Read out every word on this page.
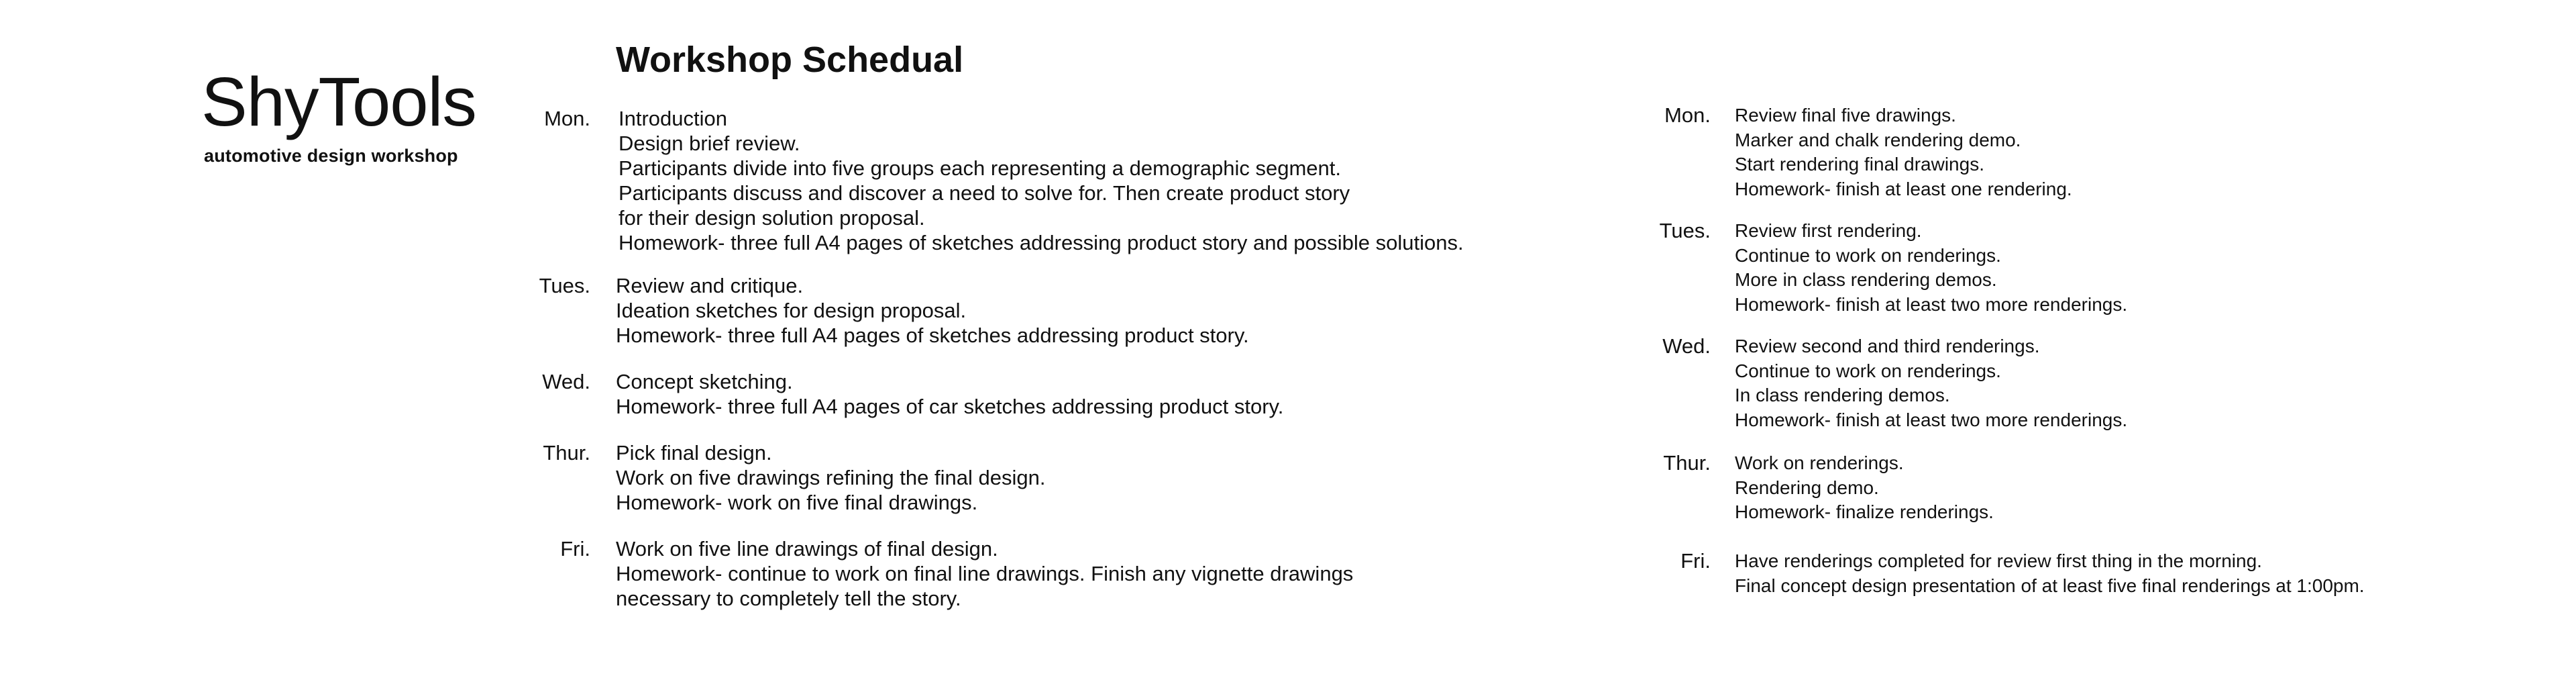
ShyTools
automotive design workshop
Workshop Schedual
Mon. Introduction
Design brief review.
Participants divide into five groups each representing a demographic segment.
Participants discuss and discover a need to solve for. Then create product story
for their design solution proposal.
Homework- three full A4 pages of sketches addressing product story and possible solutions.
Tues. Review and critique.
Ideation sketches for design proposal.
Homework- three full A4 pages of sketches addressing product story.
Wed. Concept sketching.
Homework- three full A4 pages of car sketches addressing product story.
Thur. Pick final design.
Work on five drawings refining the final design.
Homework- work on five final drawings.
Fri. Work on five line drawings of final design.
Homework- continue to work on final line drawings. Finish any vignette drawings
necessary to completely tell the story.
Mon. Review final five drawings.
Marker and chalk rendering demo.
Start rendering final drawings.
Homework- finish at least one rendering.
Tues. Review first rendering.
Continue to work on renderings.
More in class rendering demos.
Homework- finish at least two more renderings.
Wed. Review second and third renderings.
Continue to work on renderings.
In class rendering demos.
Homework- finish at least two more renderings.
Thur. Work on renderings.
Rendering demo.
Homework- finalize renderings.
Fri. Have renderings completed for review first thing in the morning.
Final concept design presentation of at least five final renderings at 1:00pm.
